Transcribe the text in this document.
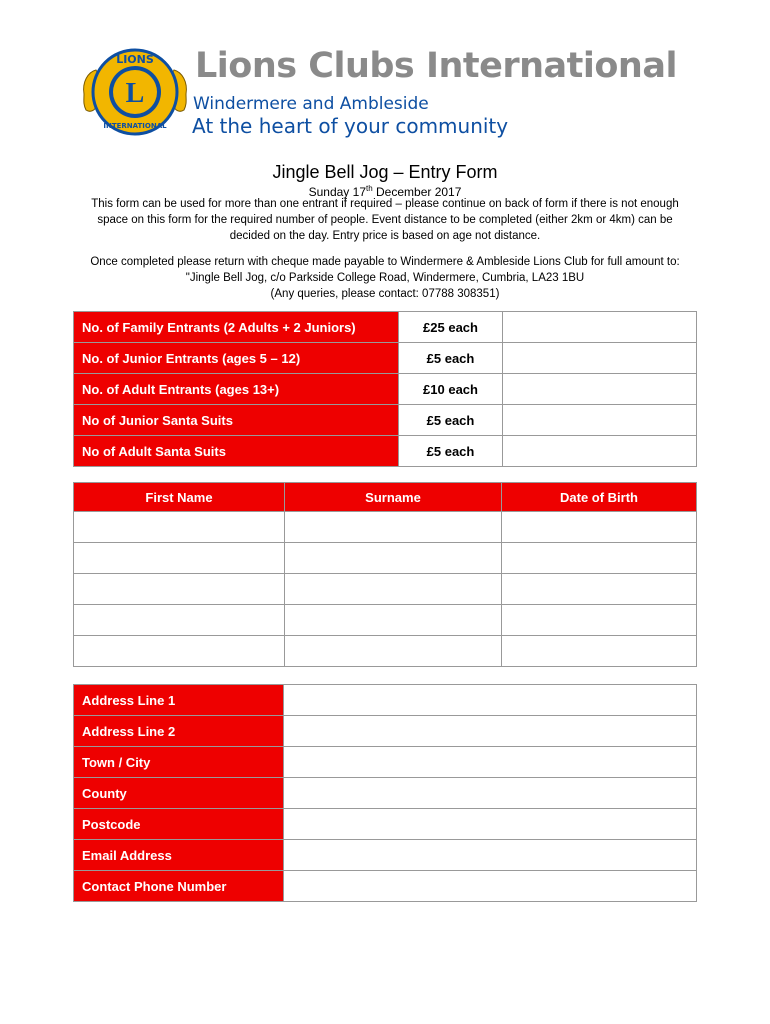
L
LIONS
INTERNATIONAL
Lions Clubs International
Windermere and Ambleside
At the heart of your community
Jingle Bell Jog – Entry Form
Sunday 17th December 2017
This form can be used for more than one entrant if required – please continue on back of form if there is not enough space on this form for the required number of people. Event distance to be completed (either 2km or 4km) can be decided on the day. Entry price is based on age not distance.
Once completed please return with cheque made payable to Windermere & Ambleside Lions Club for full amount to: "Jingle Bell Jog, c/o Parkside College Road, Windermere, Cumbria, LA23 1BU
(Any queries, please contact: 07788 308351)
No. of Family Entrants (2 Adults + 2 Juniors)	£25 each	
No. of Junior Entrants (ages 5 – 12)	£5 each	
No. of Adult Entrants (ages 13+)	£10 each	
No of Junior Santa Suits	£5 each	
No of Adult Santa Suits	£5 each	
First Name	Surname	Date of Birth

Address Line 1	
Address Line 2	
Town / City	
County	
Postcode	
Email Address	
Contact Phone Number	
